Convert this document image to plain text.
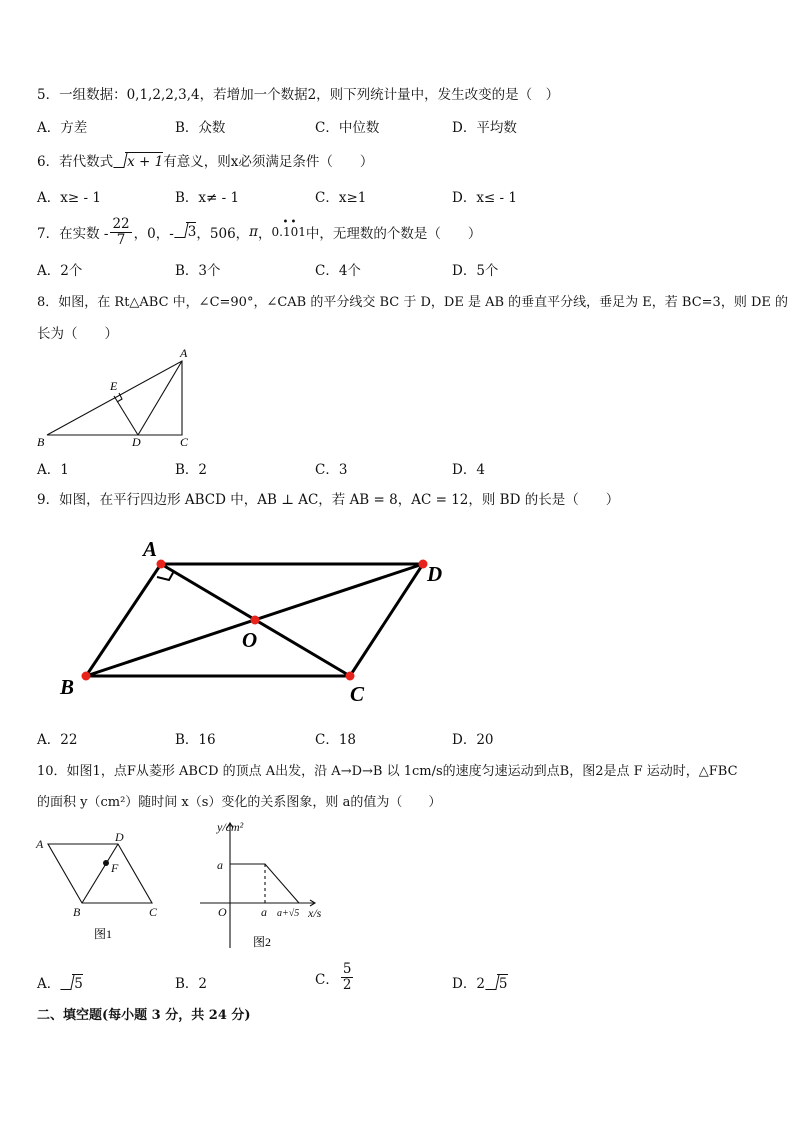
5．一组数据：0,1,2,2,3,4，若增加一个数据2，则下列统计量中，发生改变的是（　）
A．方差	B．众数	C．中位数	D．平均数
6．若代数式 x + 1有意义，则x必须满足条件（　　）
A．x≥ - 1	B．x≠ - 1	C．x≥1	D．x≤ - 1
7．在实数 - $\frac{22}{7}$ ，0，-	3 ，506， π ，
••
0.101 中，无理数的个数是（　　）
A．2个	B．3个	C．4个	D．5个
8．如图，在 Rt△ABC 中，∠C=90°，∠CAB 的平分线交 BC 于 D，DE 是 AB 的垂直平分线，垂足为 E，若 BC=3，则 DE 的
长为（　　）
A
B	C
D
E
A．1	B．2	C．3	D．4
9．如图，在平行四边形 ABCD 中，AB ⊥ AC，若 AB = 8，AC = 12，则 BD 的长是（　　）
A
D
B	C
O
A．22	B．16	C．18	D．20
10．如图1，点F从菱形 ABCD 的顶点 A出发，沿 A→D→B 以 1cm/s的速度匀速运动到点B，图2是点 F 运动时，△FBC
的面积 y（cm²）随时间 x（s）变化的关系图象，则 a的值为（　　）
A	D
F
B	C
图1
y/cm²
a
O	a a+√5 x/s
图2
A． 5	B．2	C． $\frac{5}{2}$	D．2 5
二、填空题(每小题 3 分，共 24 分)
